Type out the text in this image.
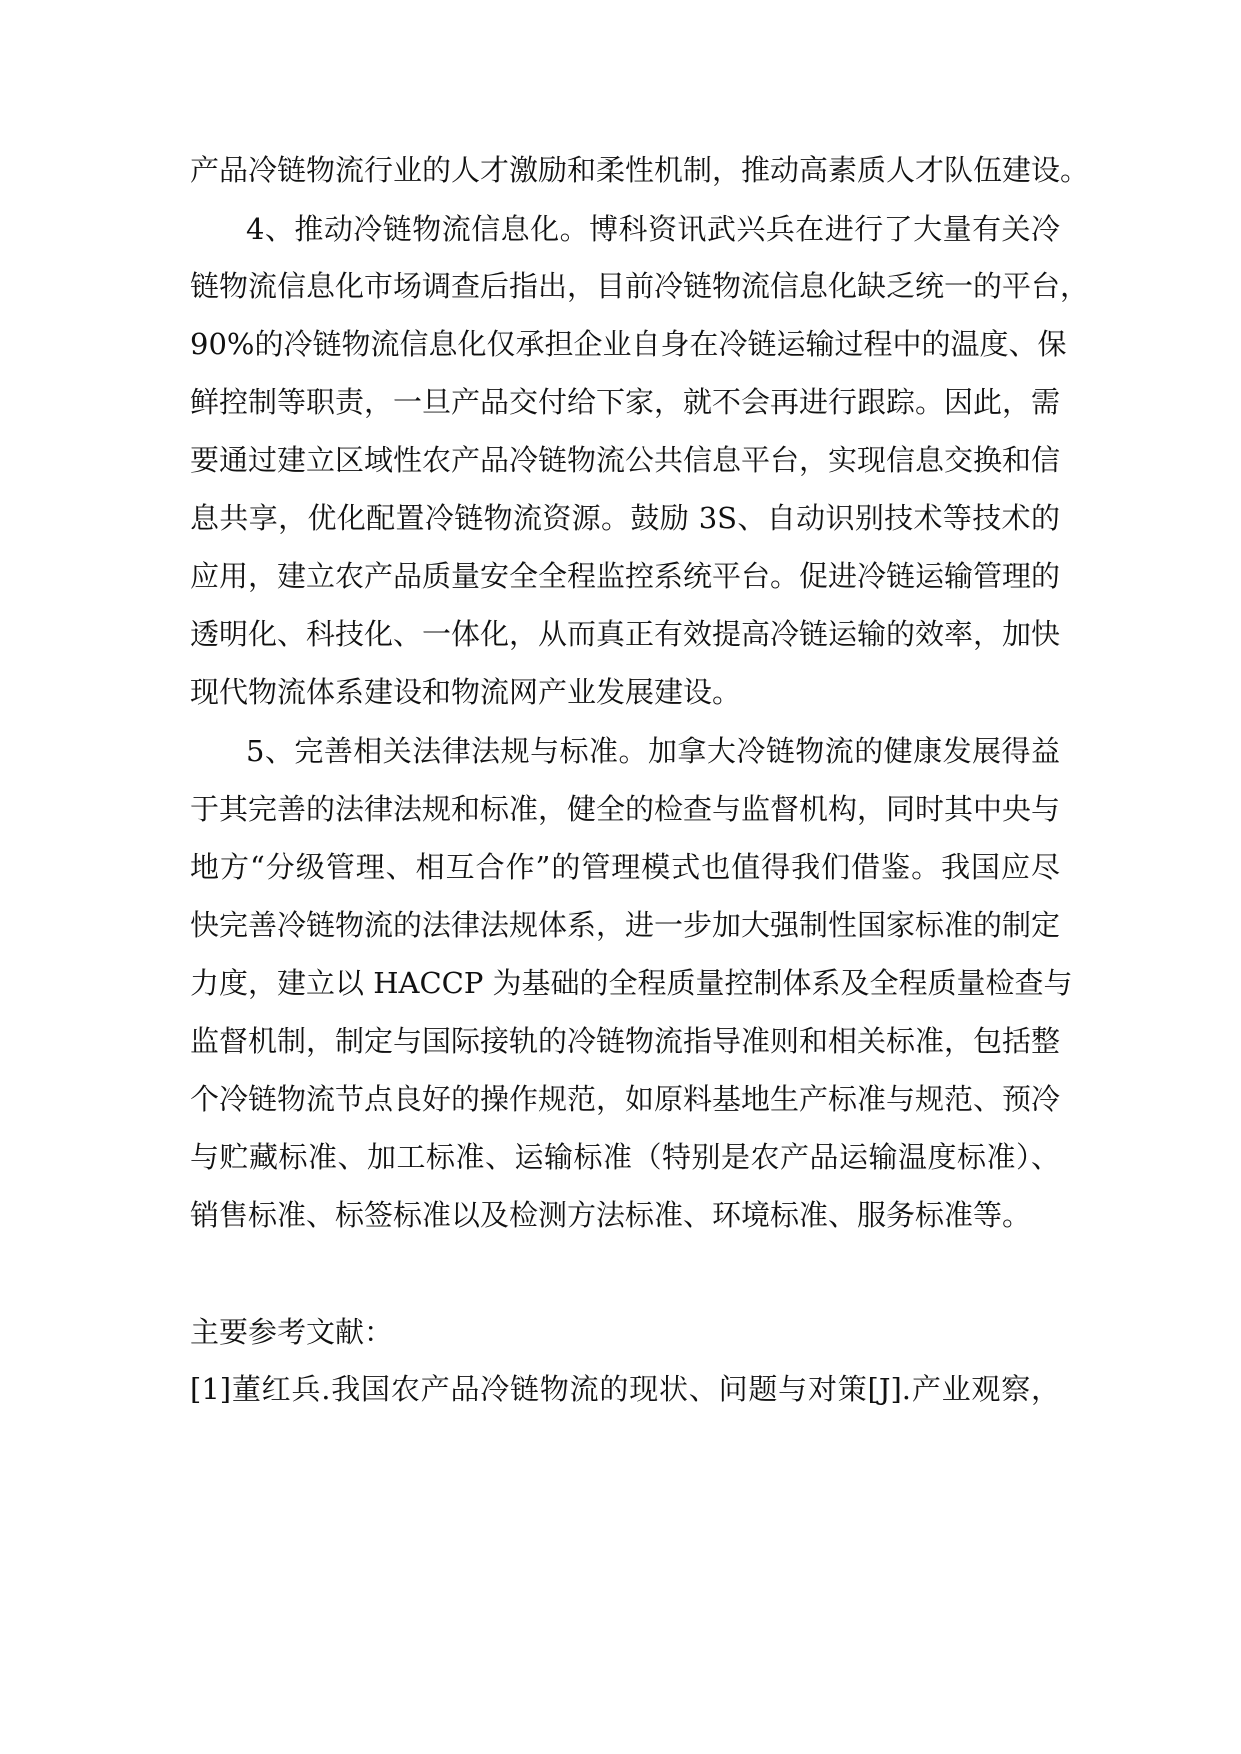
产品冷链物流行业的人才激励和柔性机制，推动高素质人才队伍建设。
4、推动冷链物流信息化。博科资讯武兴兵在进行了大量有关冷
链物流信息化市场调查后指出，目前冷链物流信息化缺乏统一的平台，
90%的冷链物流信息化仅承担企业自身在冷链运输过程中的温度、保
鲜控制等职责，一旦产品交付给下家，就不会再进行跟踪。因此，需
要通过建立区域性农产品冷链物流公共信息平台，实现信息交换和信
息共享，优化配置冷链物流资源。鼓励 3S、自动识别技术等技术的
应用，建立农产品质量安全全程监控系统平台。促进冷链运输管理的
透明化、科技化、一体化，从而真正有效提高冷链运输的效率，加快
现代物流体系建设和物流网产业发展建设。
5、完善相关法律法规与标准。加拿大冷链物流的健康发展得益
于其完善的法律法规和标准，健全的检查与监督机构，同时其中央与
地方“分级管理、相互合作”的管理模式也值得我们借鉴。我国应尽
快完善冷链物流的法律法规体系，进一步加大强制性国家标准的制定
力度，建立以 HACCP 为基础的全程质量控制体系及全程质量检查与
监督机制，制定与国际接轨的冷链物流指导准则和相关标准，包括整
个冷链物流节点良好的操作规范，如原料基地生产标准与规范、预冷
与贮藏标准、加工标准、运输标准（特别是农产品运输温度标准）、
销售标准、标签标准以及检测方法标准、环境标准、服务标准等。
主要参考文献：
[1]董红兵.我国农产品冷链物流的现状、问题与对策[J].产业观察，
